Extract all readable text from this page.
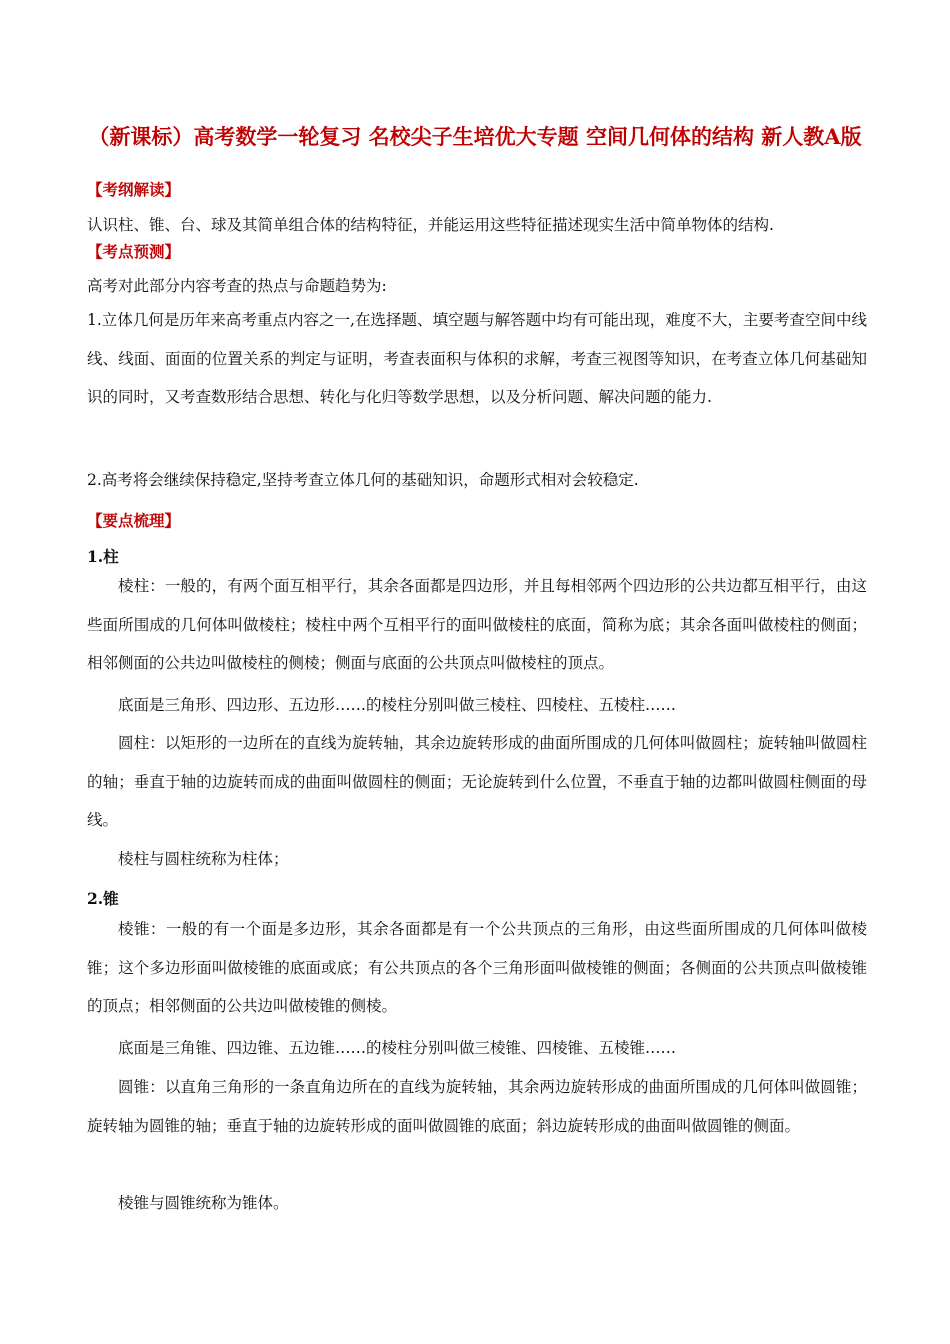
（新课标）高考数学一轮复习 名校尖子生培优大专题 空间几何体的结构 新人教A版
【考纲解读】
认识柱、锥、台、球及其简单组合体的结构特征，并能运用这些特征描述现实生活中简单物体的结构.
【考点预测】
高考对此部分内容考查的热点与命题趋势为:
1.立体几何是历年来高考重点内容之一,在选择题、填空题与解答题中均有可能出现，难度不大，主要考查空间中线线、线面、面面的位置关系的判定与证明，考查表面积与体积的求解，考查三视图等知识，在考查立体几何基础知识的同时，又考查数形结合思想、转化与化归等数学思想，以及分析问题、解决问题的能力.
2.高考将会继续保持稳定,坚持考查立体几何的基础知识，命题形式相对会较稳定.
【要点梳理】
1.柱
棱柱：一般的，有两个面互相平行，其余各面都是四边形，并且每相邻两个四边形的公共边都互相平行，由这些面所围成的几何体叫做棱柱；棱柱中两个互相平行的面叫做棱柱的底面，简称为底；其余各面叫做棱柱的侧面；相邻侧面的公共边叫做棱柱的侧棱；侧面与底面的公共顶点叫做棱柱的顶点。
底面是三角形、四边形、五边形……的棱柱分别叫做三棱柱、四棱柱、五棱柱……
圆柱：以矩形的一边所在的直线为旋转轴，其余边旋转形成的曲面所围成的几何体叫做圆柱；旋转轴叫做圆柱的轴；垂直于轴的边旋转而成的曲面叫做圆柱的侧面；无论旋转到什么位置，不垂直于轴的边都叫做圆柱侧面的母线。
棱柱与圆柱统称为柱体；
2.锥
棱锥：一般的有一个面是多边形，其余各面都是有一个公共顶点的三角形，由这些面所围成的几何体叫做棱锥；这个多边形面叫做棱锥的底面或底；有公共顶点的各个三角形面叫做棱锥的侧面；各侧面的公共顶点叫做棱锥的顶点；相邻侧面的公共边叫做棱锥的侧棱。
底面是三角锥、四边锥、五边锥……的棱柱分别叫做三棱锥、四棱锥、五棱锥……
圆锥：以直角三角形的一条直角边所在的直线为旋转轴，其余两边旋转形成的曲面所围成的几何体叫做圆锥；旋转轴为圆锥的轴；垂直于轴的边旋转形成的面叫做圆锥的底面；斜边旋转形成的曲面叫做圆锥的侧面。
棱锥与圆锥统称为锥体。
